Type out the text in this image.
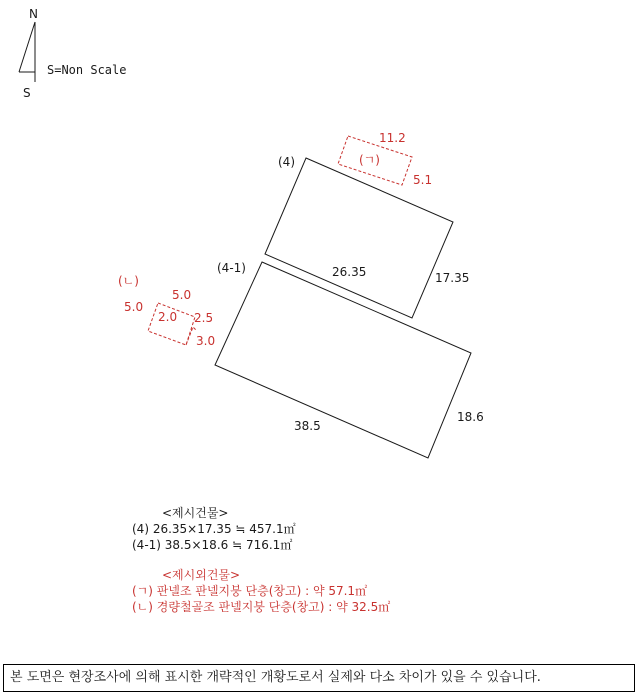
N
S
S=Non Scale
(4)
26.35	17.35
(4-1)
38.5
18.6
(ㄱ)
11.2
5.1
(ㄴ)
5.0
5.0
2.0 2.5
3.0
<제시건물>
(4) 26.35×17.35 ≒ 457.1㎡
(4-1) 38.5×18.6 ≒ 716.1㎡
<제시외건물>
(ㄱ) 판넬조 판넬지붕 단층(창고) : 약 57.1㎡
(ㄴ) 경량철골조 판넬지붕 단층(창고) : 약 32.5㎡
본 도면은 현장조사에 의해 표시한 개략적인 개황도로서 실제와 다소 차이가 있을 수 있습니다.
